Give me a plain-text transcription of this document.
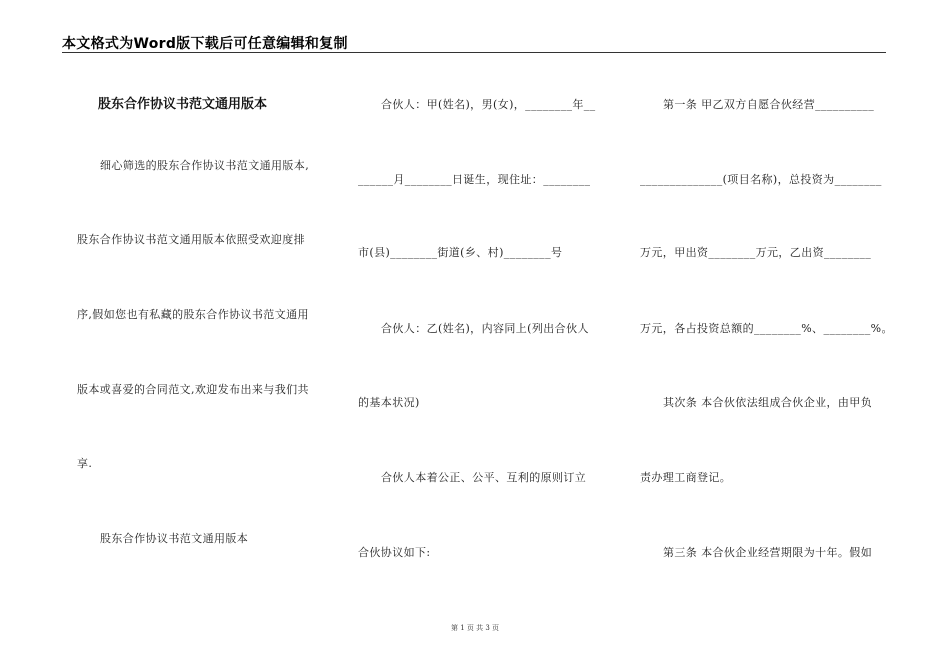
本文格式为Word版下载后可任意编辑和复制
股东合作协议书范文通用版本
细心筛选的股东合作协议书范文通用版本,
股东合作协议书范文通用版本依照受欢迎度排
序,假如您也有私藏的股东合作协议书范文通用
版本或喜爱的合同范文,欢迎发布出来与我们共
享.
股东合作协议书范文通用版本
合伙人：甲(姓名)，男(女)，________年__
______月________日诞生，现住址：________
市(县)________街道(乡、村)________号
合伙人：乙(姓名)，内容同上(列出合伙人
的基本状况)
合伙人本着公正、公平、互利的原则订立
合伙协议如下:
第一条 甲乙双方自愿合伙经营__________
______________(项目名称)，总投资为________
万元，甲出资________万元，乙出资________
万元，各占投资总额的________%、________%。
其次条 本合伙依法组成合伙企业，由甲负
责办理工商登记。
第三条 本合伙企业经营期限为十年。假如
第 1 页 共 3 页
